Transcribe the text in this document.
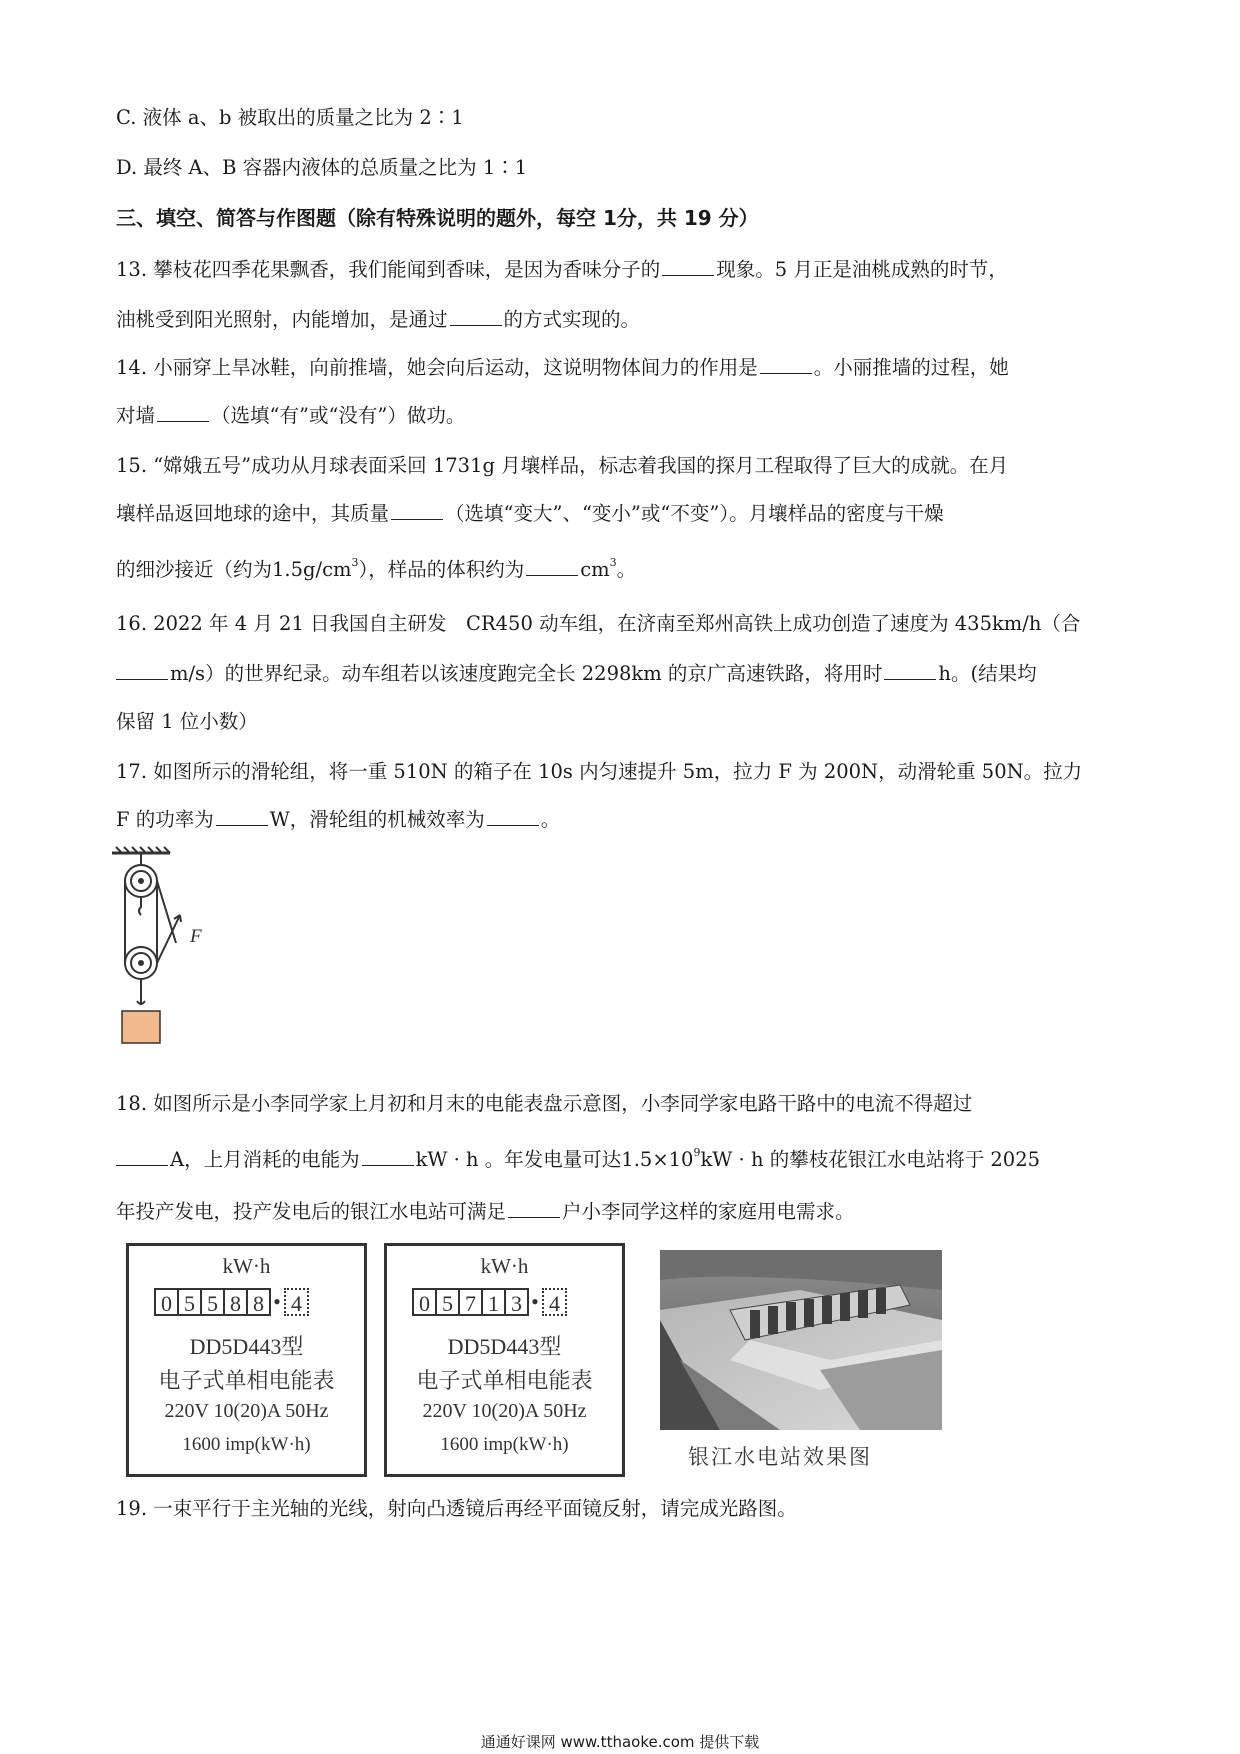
C. 液体 a、b 被取出的质量之比为 2∶1
D. 最终 A、B 容器内液体的总质量之比为 1∶1
三、填空、简答与作图题（除有特殊说明的题外，每空 1分，共 19 分）
13. 攀枝花四季花果飘香，我们能闻到香味，是因为香味分子的	现象。5 月正是油桃成熟的时节，
油桃受到阳光照射，内能增加，是通过	的方式实现的。
14. 小丽穿上旱冰鞋，向前推墙，她会向后运动，这说明物体间力的作用是	。小丽推墙的过程，她
对墙	（选填“有”或“没有”）做功。
15. “嫦娥五号”成功从月球表面采回 1731g 月壤样品，标志着我国的探月工程取得了巨大的成就。在月
壤样品返回地球的途中，其质量	（选填“变大”、“变小”或“不变”）。月壤样品的密度与干燥
的细沙接近（约为$1.5g/cm^3$），样品的体积约为	$cm^3$。
16. 2022 年 4 月 21 日我国自主研发　CR450 动车组，在济南至郑州高铁上成功创造了速度为 435km/h（合
m/s）的世界纪录。动车组若以该速度跑完全长 2298km 的京广高速铁路，将用时	h。(结果均
保留 1 位小数）
17. 如图所示的滑轮组，将一重 510N 的箱子在 10s 内匀速提升 5m，拉力 F 为 200N，动滑轮重 50N。拉力
F 的功率为	W，滑轮组的机械效率为	。
F
18. 如图所示是小李同学家上月初和月末的电能表盘示意图，小李同学家电路干路中的电流不得超过
A，上月消耗的电能为	kW · h 。年发电量可达$1.5\times 10^9kW \cdot h$ 的攀枝花银江水电站将于 2025
年投产发电，投产发电后的银江水电站可满足	户小李同学这样的家庭用电需求。
kW·h
0 5 5 8 8 • 4
DD5D443型
电子式单相电能表
220V 10(20)A 50Hz
1600 imp(kW·h)
kW·h
0 5 7 1 3 • 4
DD5D443型
电子式单相电能表
220V 10(20)A 50Hz
1600 imp(kW·h)
银江水电站效果图
19. 一束平行于主光轴的光线，射向凸透镜后再经平面镜反射，请完成光路图。
通通好课网 www.tthaoke.com 提供下载
